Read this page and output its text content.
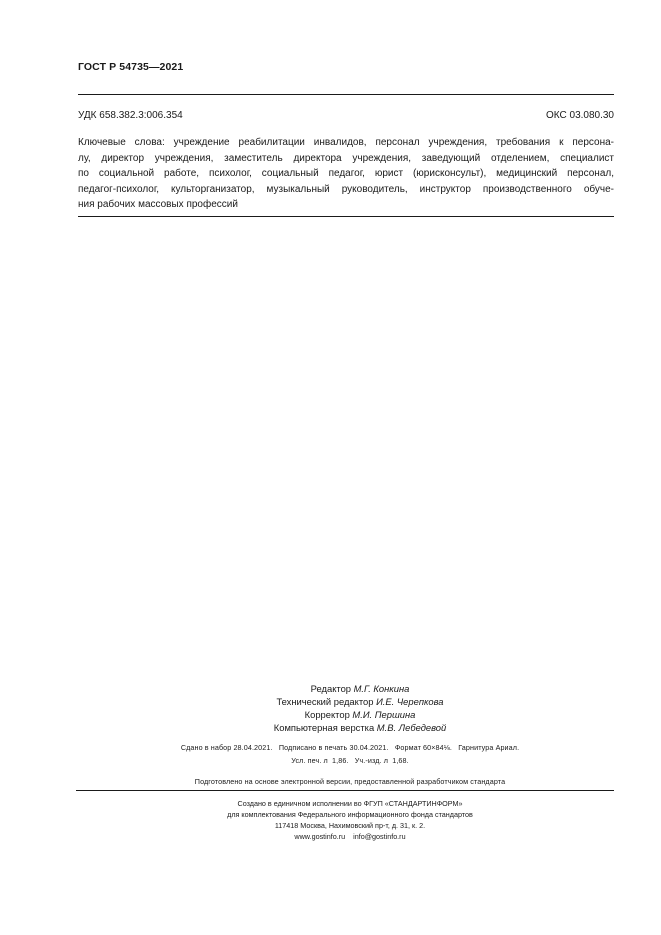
ГОСТ Р 54735—2021
УДК 658.382.3:006.354	ОКС 03.080.30

Ключевые слова: учреждение реабилитации инвалидов, персонал учреждения, требования к персона-

лу, директор учреждения, заместитель директора учреждения, заведующий отделением, специалист

по социальной работе, психолог, социальный педагог, юрист (юрисконсульт), медицинский персонал,

педагог-психолог, культорганизатор, музыкальный руководитель, инструктор производственного обуче-

ния рабочих массовых профессий

Редактор М.Г. Конкина
Технический редактор И.Е. Черепкова
Корректор М.И. Першина
Компьютерная верстка М.В. Лебедевой
Сдано в набор 28.04.2021.   Подписано в печать 30.04.2021.   Формат 60×84⅛.   Гарнитура Ариал.
Усл. печ. л  1,86.   Уч.-изд. л  1,68.
Подготовлено на основе электронной версии, предоставленной разработчиком стандарта
Создано в единичном исполнении во ФГУП «СТАНДАРТИНФОРМ»
для комплектования Федерального информационного фонда стандартов
117418 Москва, Нахимовский пр-т, д. 31, к. 2.
www.gostinfo.ru    info@gostinfo.ru
